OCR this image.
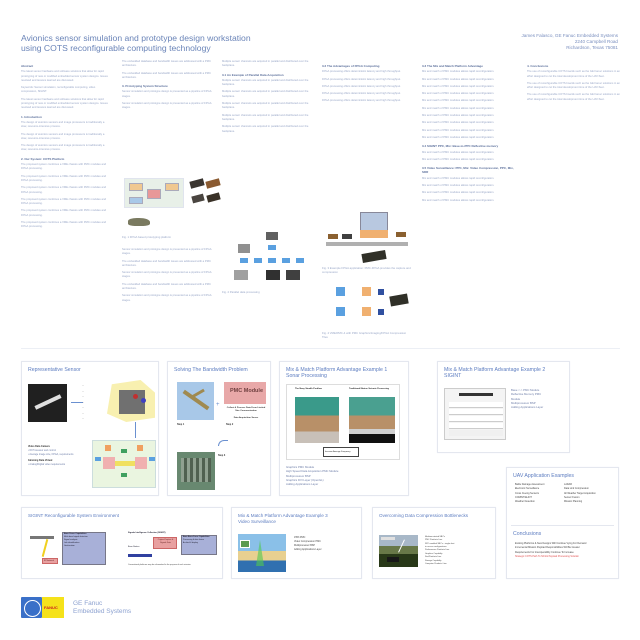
Avionics sensor simulation and prototype design workstation
using COTS reconfigurable computing technology
James Falasco, GE Fanuc Embedded Systems
2240 Campbell Road
Richardson, Texas 75081
Abstract

The latest sensor hardware and software solutions that allow for rapid prototyping of new or modified embedded sensor system designs. Issues resolved and lessons learned are discussed.

Keywords: Sensor simulation, reconfigurable computing, video compression, SIGINT.

The latest sensor hardware and software solutions that allow for rapid prototyping of new or modified embedded sensor system designs. Issues resolved and lessons learned are discussed.

1. Introduction

The design of avionics sensors and image processors is traditionally a slow, resource-intensive process.

The design of avionics sensors and image processors is traditionally a slow, resource-intensive process.

The design of avionics sensors and image processors is traditionally a slow, resource-intensive process.

2. Our System: COTS Platform

The proposed system combines a VME chassis with PMC modules and FPGA processing.

The proposed system combines a VME chassis with PMC modules and FPGA processing.

The proposed system combines a VME chassis with PMC modules and FPGA processing.

The proposed system combines a VME chassis with PMC modules and FPGA processing.

The proposed system combines a VME chassis with PMC modules and FPGA processing.

The proposed system combines a VME chassis with PMC modules and FPGA processing.

The embedded database and bandwidth issues are addressed with a PMC architecture.

The embedded database and bandwidth issues are addressed with a PMC architecture.

3. Prototyping System Structure

Sensor simulation and prototype design is presented as a pipeline of FPGA stages.

Sensor simulation and prototype design is presented as a pipeline of FPGA stages.

Fig. 1 FPGA based prototyping platform

Sensor simulation and prototype design is presented as a pipeline of FPGA stages.

The embedded database and bandwidth issues are addressed with a PMC architecture.

Sensor simulation and prototype design is presented as a pipeline of FPGA stages.

The embedded database and bandwidth issues are addressed with a PMC architecture.

Sensor simulation and prototype design is presented as a pipeline of FPGA stages.

Multiple sensor channels are acquired in parallel and distributed over the backplane.

3.1 An Example of Parallel Data Acquisition

Multiple sensor channels are acquired in parallel and distributed over the backplane.

Multiple sensor channels are acquired in parallel and distributed over the backplane.

Multiple sensor channels are acquired in parallel and distributed over the backplane.

Multiple sensor channels are acquired in parallel and distributed over the backplane.

Multiple sensor channels are acquired in parallel and distributed over the backplane.

Fig. 2 Parallel data processing
3.2 The Advantages of FPGA Computing

FPGA processing offers deterministic latency and high throughput.

FPGA processing offers deterministic latency and high throughput.

FPGA processing offers deterministic latency and high throughput.

FPGA processing offers deterministic latency and high throughput.

FPGA processing offers deterministic latency and high throughput.

Fig. 3 Example FPGA application: PMC-FPGA provides the capture and compression
Fig. 4 VME/PMC-4 with PMC Graphics/Imaging/FPGA Compression Tiles
3.3 The Mix and Match Platform Advantage

Mix and match of PMC modules allows rapid reconfiguration.

Mix and match of PMC modules allows rapid reconfiguration.

Mix and match of PMC modules allows rapid reconfiguration.

Mix and match of PMC modules allows rapid reconfiguration.

Mix and match of PMC modules allows rapid reconfiguration.

Mix and match of PMC modules allows rapid reconfiguration.

Mix and match of PMC modules allows rapid reconfiguration.

Mix and match of PMC modules allows rapid reconfiguration.

Mix and match of PMC modules allows rapid reconfiguration.

Mix and match of PMC modules allows rapid reconfiguration.

3.4 SIGINT PPC, Mix: Base-to-PPC Reflective memory

Mix and match of PMC modules allows rapid reconfiguration.

Mix and match of PMC modules allows rapid reconfiguration.

3.5 Video Surveillance: PPC, Mix: Video Compression, PPC, Mix, SDR

Mix and match of PMC modules allows rapid reconfiguration.

Mix and match of PMC modules allows rapid reconfiguration.

Mix and match of PMC modules allows rapid reconfiguration.

Mix and match of PMC modules allows rapid reconfiguration.

4. Conclusions

The use of reconfigurable COTS boards such as the GE Fanuc solutions in an effort designed to cut the total development time of the UAV fleet.

The use of reconfigurable COTS boards such as the GE Fanuc solutions in an effort designed to cut the total development time of the UAV fleet.

The use of reconfigurable COTS boards such as the GE Fanuc solutions in an effort designed to cut the total development time of the UAV fleet.

Representative Sensor
—
—
—
—
—
—
—
Video Data Camera
• IR Processor and control
• Average image size, FPGA, requirements
Gimming Data Virtual
• Analog/Digital video requirements
Solving The Bandwidth Problem
Step 1
+
PMC Module
Collect & Process Data From Limited Size Communication
Data Acquisition Server
Step 2
Step 3
Mix & Match Platform Advantage Example 1
Sonar Processing
The Navy Stealth Problem	Traditional Marine Seismic Processing
Increase Average Frequency
Graphics PMC Module
High Speed Data Acquisition PMC Module
Multiprocessor BSP
Graphics DVI Layer (OpenGL)
Adding Applications Layer
Mix & Match Platform Advantage Example 2
SIGINT
Base <-> PMC Module
Reflective Memory PMC
Module
Multiprocessor BSP
Adding Applications Layer
UAV Application Examples
Battle Damage Assessment
Electronic Surveillance
Cross Cueing Sensors
COMINT/ELINT
Weather Detection
LADAR
Data Link Compression
All Weather Target Acquisition
Sensor Fusion
Mission Planning
Conclusions
Existing Platforms & New Designs Will Continue Vying For Demand
Incremental Mission Payload Responsibilities Will Be Greater
Requirements For Interoperability Continue To Increase
Strategic COTS Path To Shrink Payload Processing Solution
SIGINT Reconfigurable System Environment
IR Network
Base Force Capabilities
Multi-band signal detection
Signal analysis
Link identification
Geolocation
Signals Intelligence Collection (SIGINT)
Base Station
Original Capture & Signals Data
Base Bone Force Capabilities
Processing & data fusion
Archival & display
Conventional platforms may be reformatted to the purpose of each mission.
Mix & Match Platform Advantage Example 3
Video Surveillance
1553 PMC
Video Compression PMC
Multiprocessor BSP
Adding Applications Layer
Overcoming Data Compression Bottlenecks
Medium-rotated SBC's
PMC Products Line
SPC-enabled SBC's - single shot
to access configurations
Performance Products Line
Graphics Capability
Sim/Products Line
Storage Capability
Computer Products Line
FANUC
GE Fanuc
Embedded Systems
